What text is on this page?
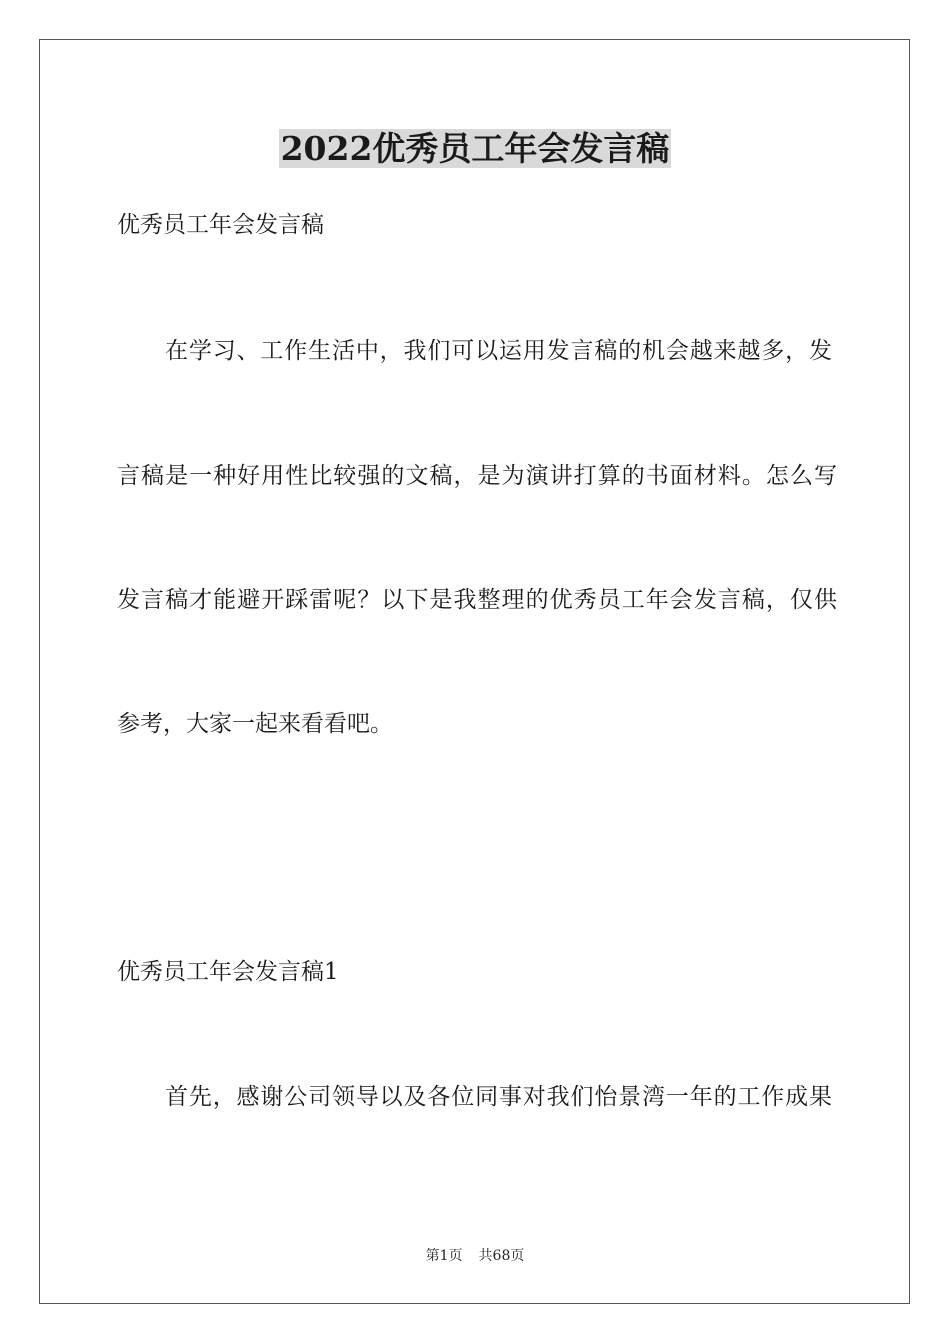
2022优秀员工年会发言稿
优秀员工年会发言稿
在学习、工作生活中，我们可以运用发言稿的机会越来越多，发
言稿是一种好用性比较强的文稿，是为演讲打算的书面材料。怎么写
发言稿才能避开踩雷呢？以下是我整理的优秀员工年会发言稿，仅供
参考，大家一起来看看吧。
优秀员工年会发言稿1
首先，感谢公司领导以及各位同事对我们怡景湾一年的工作成果
第1页 共68页
